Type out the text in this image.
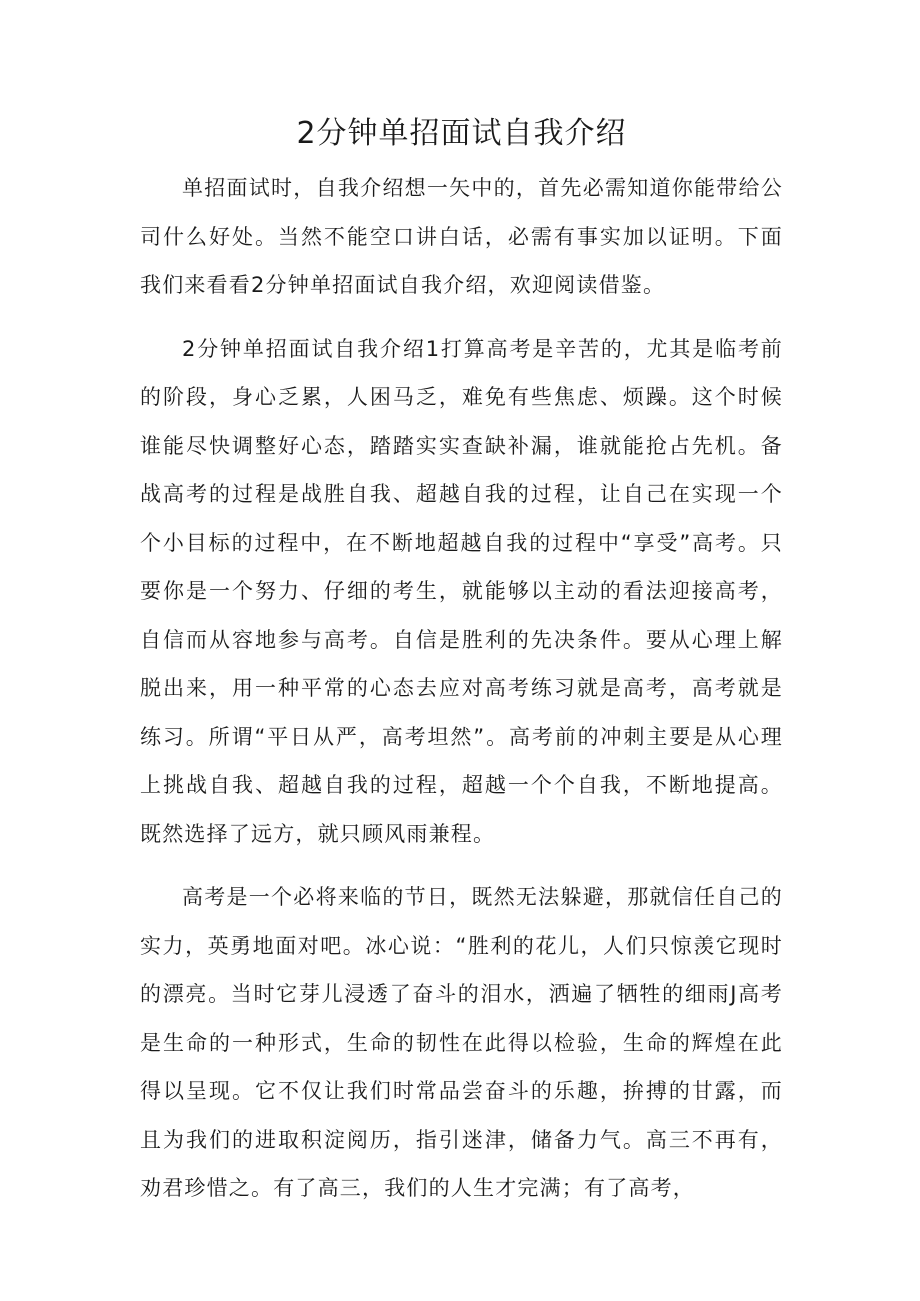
2分钟单招面试自我介绍

单招面试时，自我介绍想一矢中的，首先必需知道你能带给公司什么好处。当然不能空口讲白话，必需有事实加以证明。下面我们来看看2分钟单招面试自我介绍，欢迎阅读借鉴。

2分钟单招面试自我介绍1打算高考是辛苦的，尤其是临考前的阶段，身心乏累，人困马乏，难免有些焦虑、烦躁。这个时候谁能尽快调整好心态，踏踏实实查缺补漏，谁就能抢占先机。备战高考的过程是战胜自我、超越自我的过程，让自己在实现一个个小目标的过程中，在不断地超越自我的过程中“享受”高考。只要你是一个努力、仔细的考生，就能够以主动的看法迎接高考，自信而从容地参与高考。自信是胜利的先决条件。要从心理上解脱出来，用一种平常的心态去应对高考练习就是高考，高考就是练习。所谓“平日从严，高考坦然”。高考前的冲刺主要是从心理上挑战自我、超越自我的过程，超越一个个自我，不断地提高。既然选择了远方，就只顾风雨兼程。

高考是一个必将来临的节日，既然无法躲避，那就信任自己的实力，英勇地面对吧。冰心说：“胜利的花儿，人们只惊羡它现时的漂亮。当时它芽儿浸透了奋斗的泪水，洒遍了牺牲的细雨J高考是生命的一种形式，生命的韧性在此得以检验，生命的辉煌在此得以呈现。它不仅让我们时常品尝奋斗的乐趣，拚搏的甘露，而且为我们的进取积淀阅历，指引迷津，储备力气。高三不再有，劝君珍惜之。有了高三，我们的人生才完满；有了高考，
